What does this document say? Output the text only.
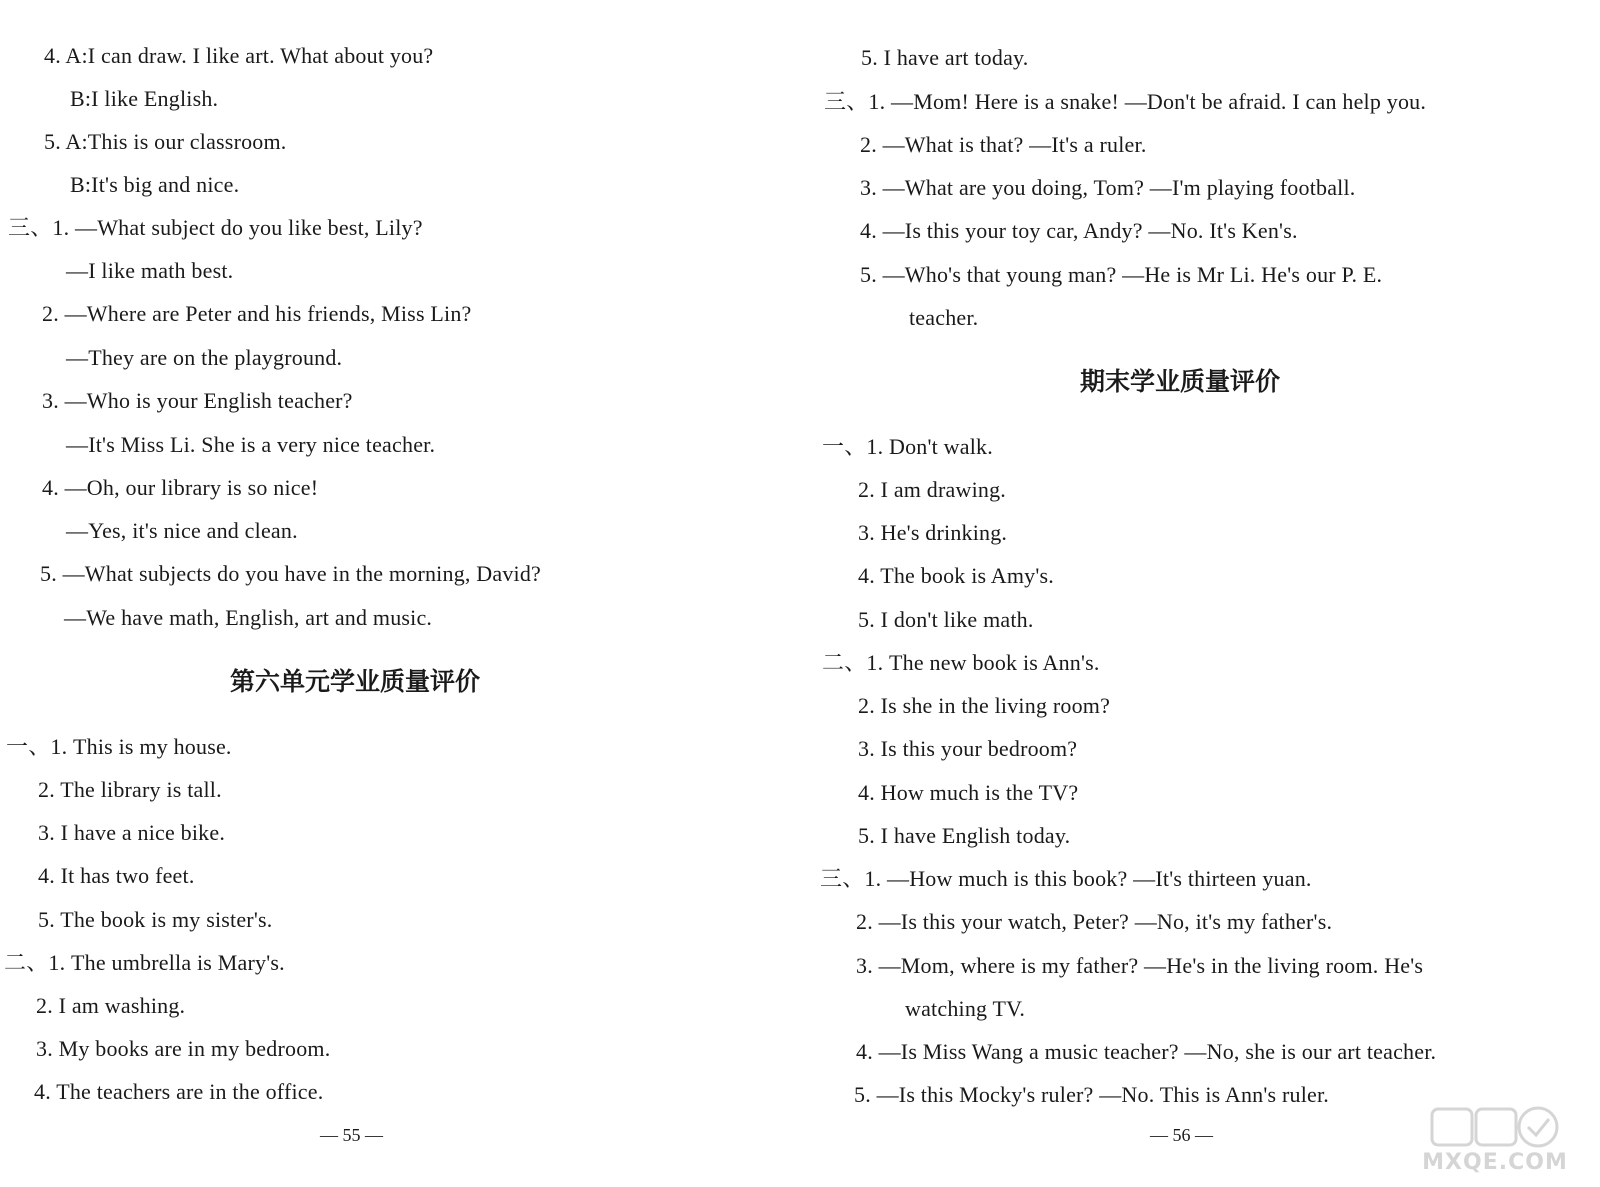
4. A:I can draw. I like art. What about you?
B:I like English.
5. A:This is our classroom.
B:It's big and nice.
三、1. —What subject do you like best, Lily?
—I like math best.
2. —Where are Peter and his friends, Miss Lin?
—They are on the playground.
3. —Who is your English teacher?
—It's Miss Li. She is a very nice teacher.
4. —Oh, our library is so nice!
—Yes, it's nice and clean.
5. —What subjects do you have in the morning, David?
—We have math, English, art and music.
第六单元学业质量评价
一、1. This is my house.
2. The library is tall.
3. I have a nice bike.
4. It has two feet.
5. The book is my sister's.
二、1. The umbrella is Mary's.
2. I am washing.
3. My books are in my bedroom.
4. The teachers are in the office.
— 55 —
5. I have art today.
三、1. —Mom! Here is a snake! —Don't be afraid. I can help you.
2. —What is that? —It's a ruler.
3. —What are you doing, Tom? —I'm playing football.
4. —Is this your toy car, Andy? —No. It's Ken's.
5. —Who's that young man? —He is Mr Li. He's our P. E.
teacher.
期末学业质量评价
一、1. Don't walk.
2. I am drawing.
3. He's drinking.
4. The book is Amy's.
5. I don't like math.
二、1. The new book is Ann's.
2. Is she in the living room?
3. Is this your bedroom?
4. How much is the TV?
5. I have English today.
三、1. —How much is this book? —It's thirteen yuan.
2. —Is this your watch, Peter? —No, it's my father's.
3. —Mom, where is my father? —He's in the living room. He's
watching TV.
4. —Is Miss Wang a music teacher? —No, she is our art teacher.
5. —Is this Mocky's ruler? —No. This is Ann's ruler.
— 56 —
MXQE.COM
